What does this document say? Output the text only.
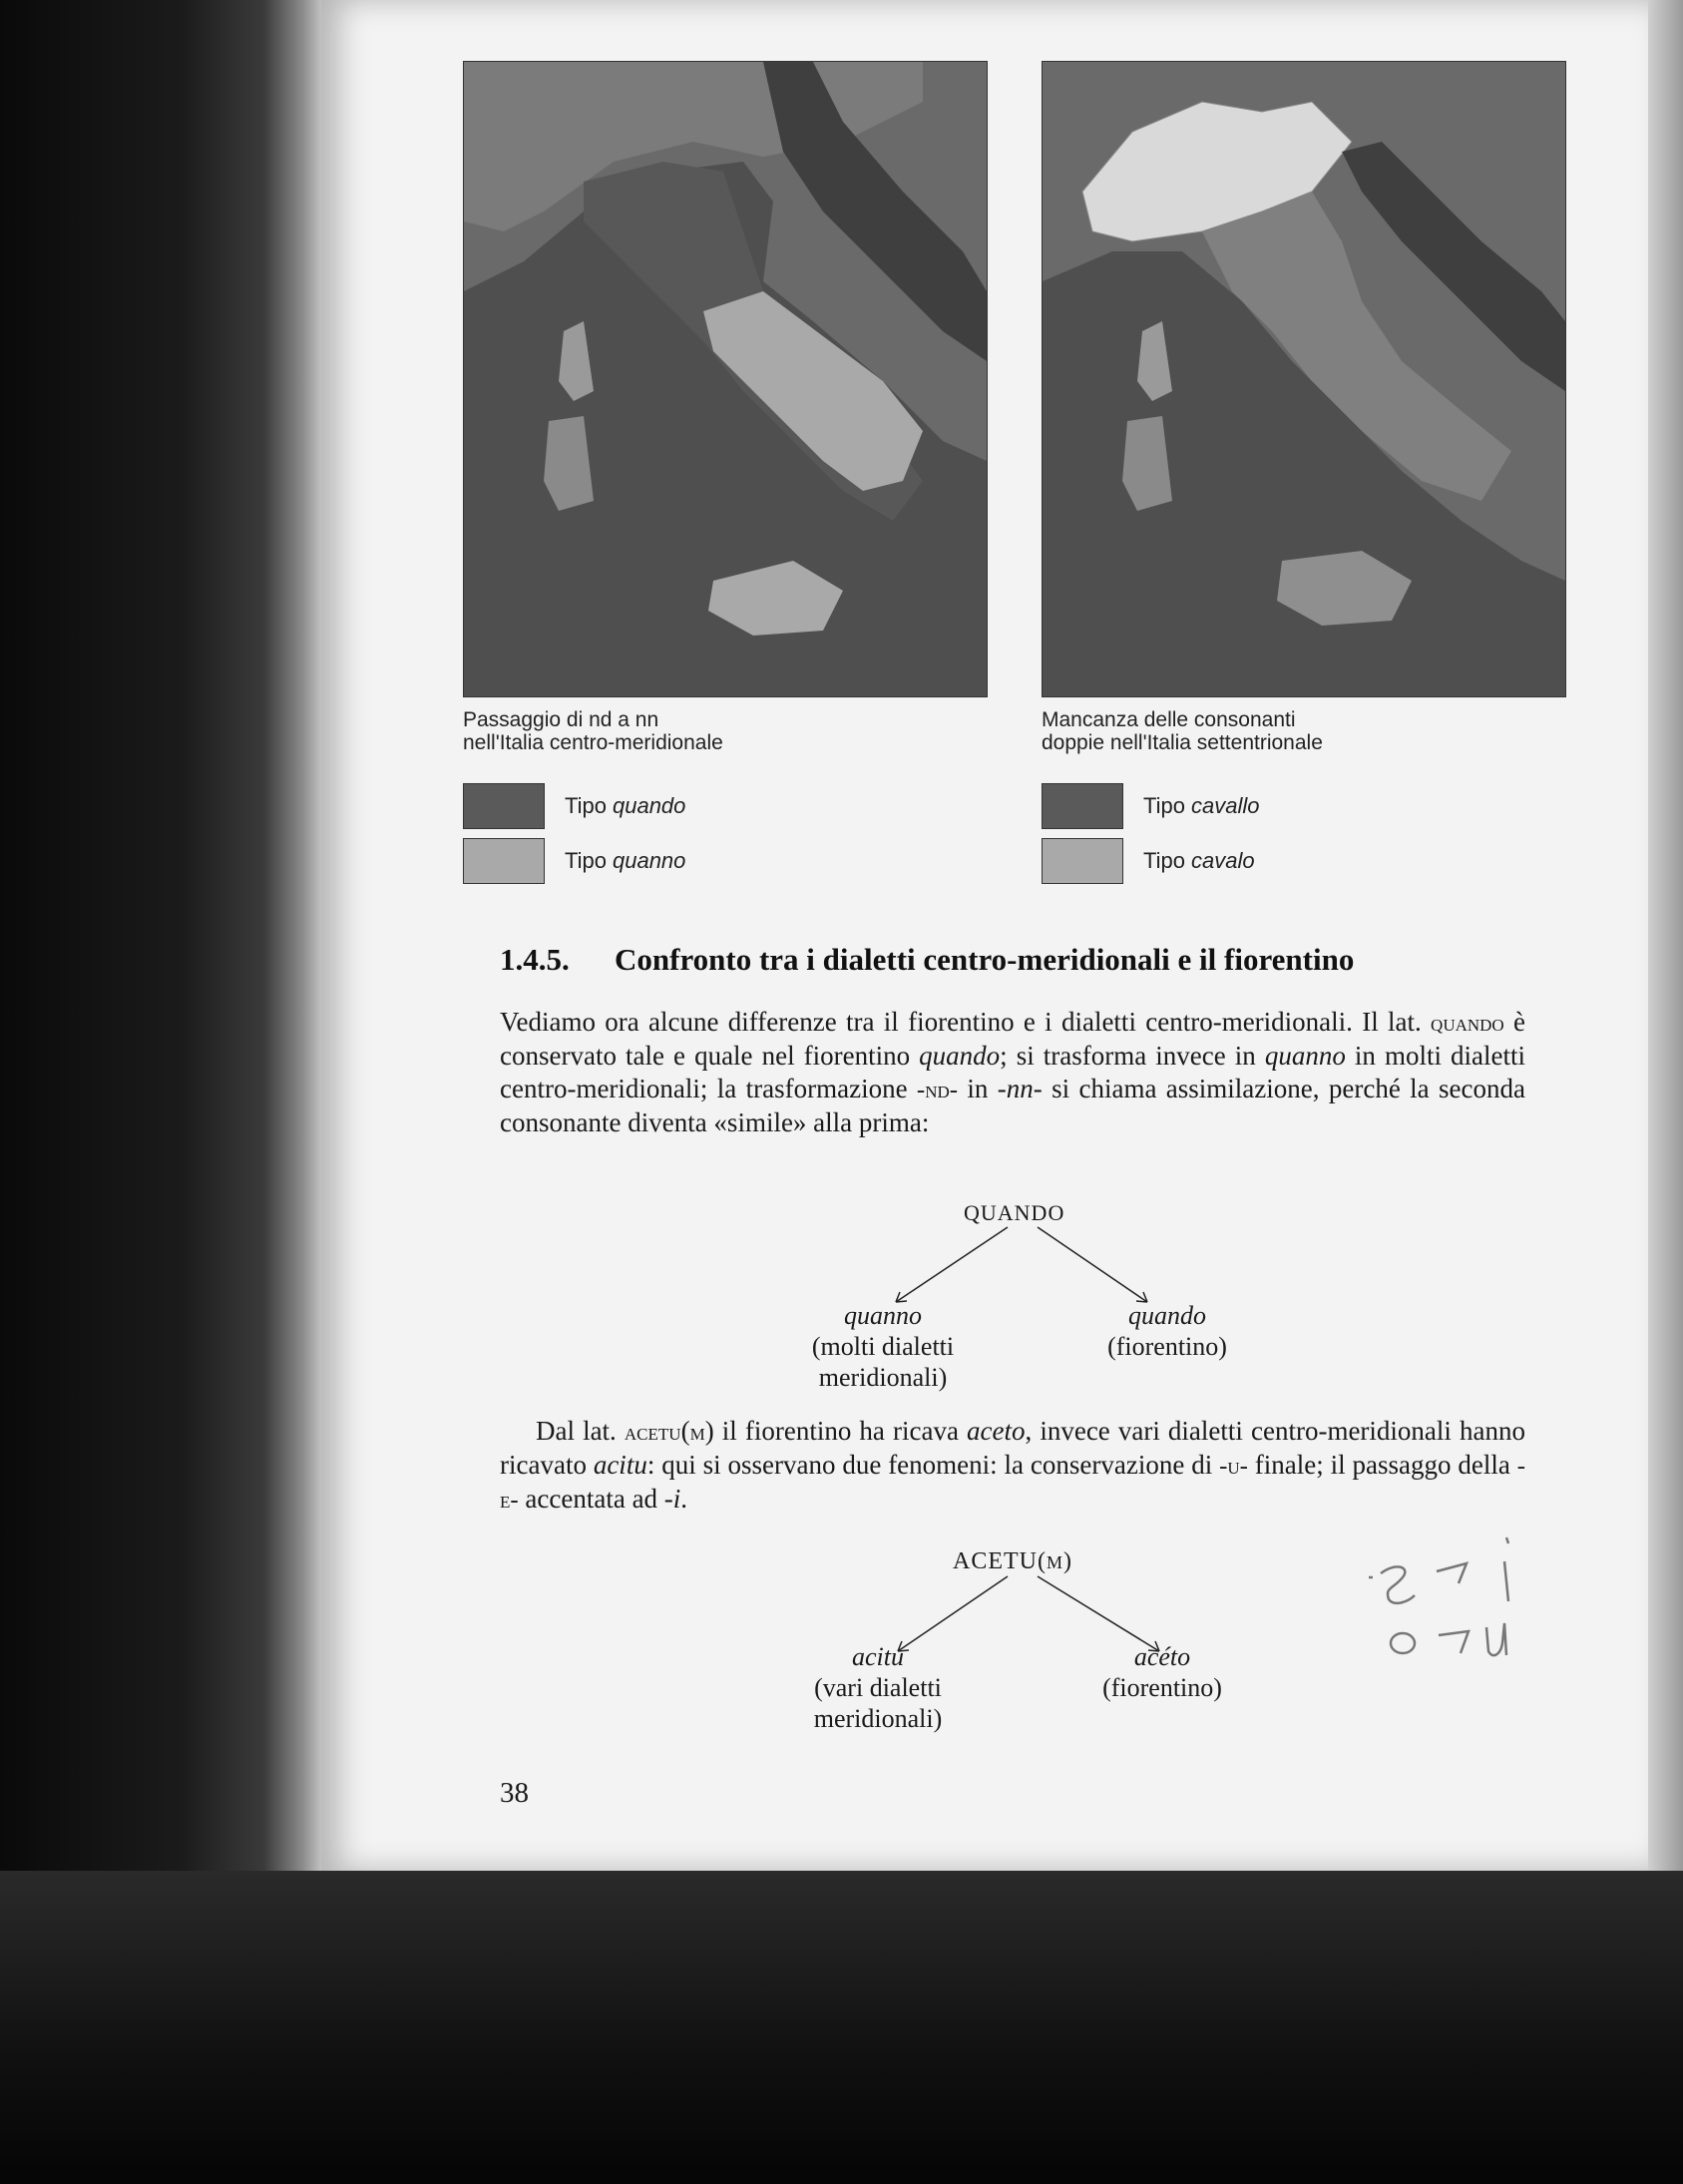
Passaggio di nd a nn
nell'Italia centro-meridionale
Mancanza delle consonanti
doppie nell'Italia settentrionale
Tipo quando
Tipo quanno
Tipo cavallo
Tipo cavalo
1.4.5. Confronto tra i dialetti centro-meridionali e il fiorentino
Vediamo ora alcune differenze tra il fiorentino e i dialetti centro-meridionali. Il lat. quando è conservato tale e quale nel fiorentino quando; si trasforma invece in quanno in molti dialetti centro-meridionali; la trasformazione -nd- in -nn- si chiama assimilazione, perché la seconda consonante diventa «simile» alla prima:
QUANDO
quanno
(molti dialetti
meridionali)
quando
(fiorentino)
Dal lat. acetu(m) il fiorentino ha ricava aceto, invece vari dialetti centro-meridionali hanno ricavato acitu: qui si osservano due fenomeni: la conservazione di -u- finale; il passaggo della -e- accentata ad -i.
ACETU(M)
acitu
(vari dialetti
meridionali)
acéto
(fiorentino)
38
